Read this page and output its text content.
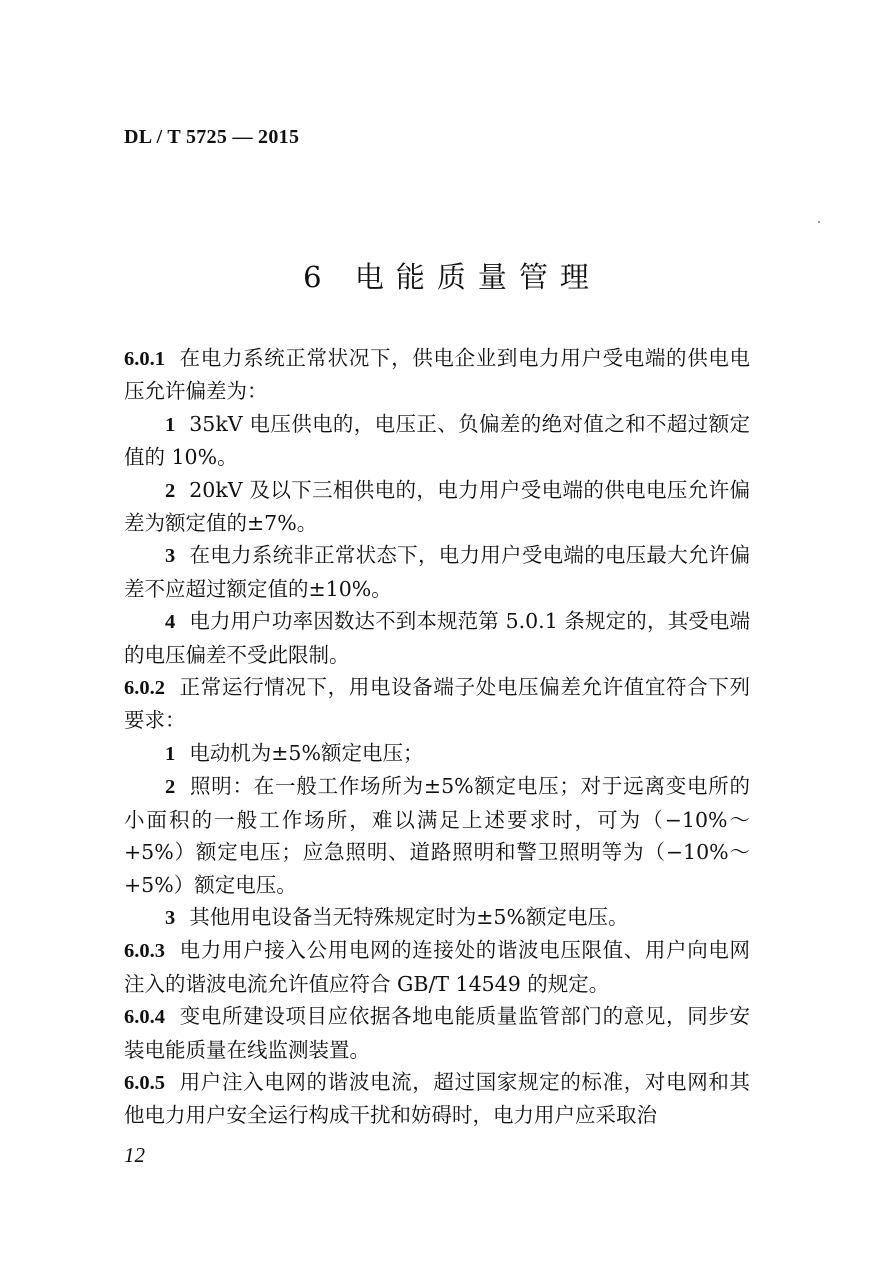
DL / T 5725 — 2015
6 电能质量管理

6.0.1 在电力系统正常状况下，供电企业到电力用户受电端的供电电压允许偏差为：

1 35kV 电压供电的，电压正、负偏差的绝对值之和不超过额定值的 10%。

2 20kV 及以下三相供电的，电力用户受电端的供电电压允许偏差为额定值的±7%。

3 在电力系统非正常状态下，电力用户受电端的电压最大允许偏差不应超过额定值的±10%。

4 电力用户功率因数达不到本规范第 5.0.1 条规定的，其受电端的电压偏差不受此限制。

6.0.2 正常运行情况下，用电设备端子处电压偏差允许值宜符合下列要求：

1 电动机为±5%额定电压；

2 照明：在一般工作场所为±5%额定电压；对于远离变电所的小面积的一般工作场所，难以满足上述要求时，可为（−10%～+5%）额定电压；应急照明、道路照明和警卫照明等为（−10%～+5%）额定电压。

3 其他用电设备当无特殊规定时为±5%额定电压。

6.0.3 电力用户接入公用电网的连接处的谐波电压限值、用户向电网注入的谐波电流允许值应符合 GB/T 14549 的规定。

6.0.4 变电所建设项目应依据各地电能质量监管部门的意见，同步安装电能质量在线监测装置。

6.0.5 用户注入电网的谐波电流，超过国家规定的标准，对电网和其他电力用户安全运行构成干扰和妨碍时，电力用户应采取治

12
